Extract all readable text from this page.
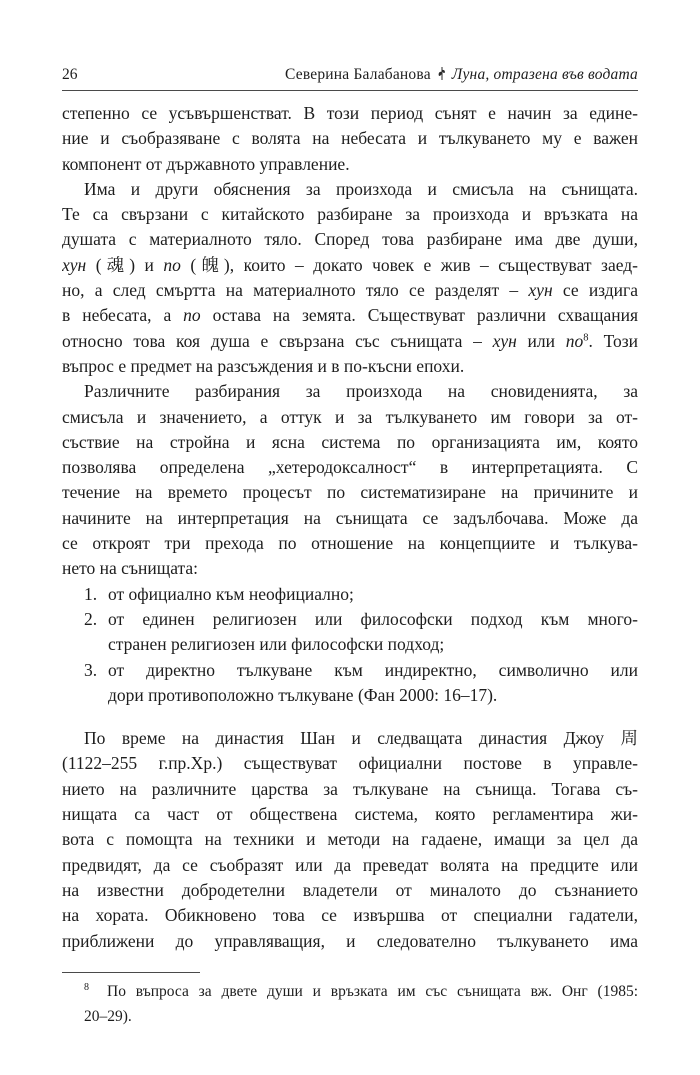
26	Северина Балабанова Луна, отразена във водата
степенно се усъвършенстват. В този период сънят е начин за едине-
ние и съобразяване с волята на небесата и тълкуването му е важен
компонент от държавното управление.
Има и други обяснения за произхода и смисъла на сънищата.
Те са свързани с китайското разбиране за произхода и връзката на
душата с материалното тяло. Според това разбиране има две души,
хун (魂) и по (魄), които – докато човек е жив – съществуват заед-
но, а след смъртта на материалното тяло се разделят – хун се издига
в небесата, а по остава на земята. Съществуват различни схващания
относно това коя душа е свързана със сънищата – хун или $по^8$. Този
въпрос е предмет на разсъждения и в по-късни епохи.
Различните разбирания за произхода на сновиденията, за
смисъла и значението, а оттук и за тълкуването им говори за от-
съствие на стройна и ясна система по организацията им, която
позволява определена „хетеродоксалност“ в интерпретацията. С
течение на времето процесът по систематизиране на причините и
начините на интерпретация на сънищата се задълбочава. Може да
се откроят три прехода по отношение на концепциите и тълкува-
нето на сънищата:
1. от официално към неофициално;
2. от единен религиозен или философски подход към много-
странен религиозен или философски подход;
3. от директно тълкуване към индиректно, символично или
дори противоположно тълкуване (Фан 2000: 16–17).
По време на династия Шан и следващата династия Джоу 周
(1122–255 г.пр.Хр.) съществуват официални постове в управле-
нието на различните царства за тълкуване на сънища. Тогава съ-
нищата са част от обществена система, която регламентира жи-
вота с помощта на техники и методи на гадаене, имащи за цел да
предвидят, да се съобразят или да преведат волята на предците или
на известни добродетелни владетели от миналото до съзнанието
на хората. Обикновено това се извършва от специални гадатели,
приближени до управляващия, и следователно тълкуването има
8 По въпроса за двете души и връзката им със сънищата вж. Онг (1985:
20–29).
